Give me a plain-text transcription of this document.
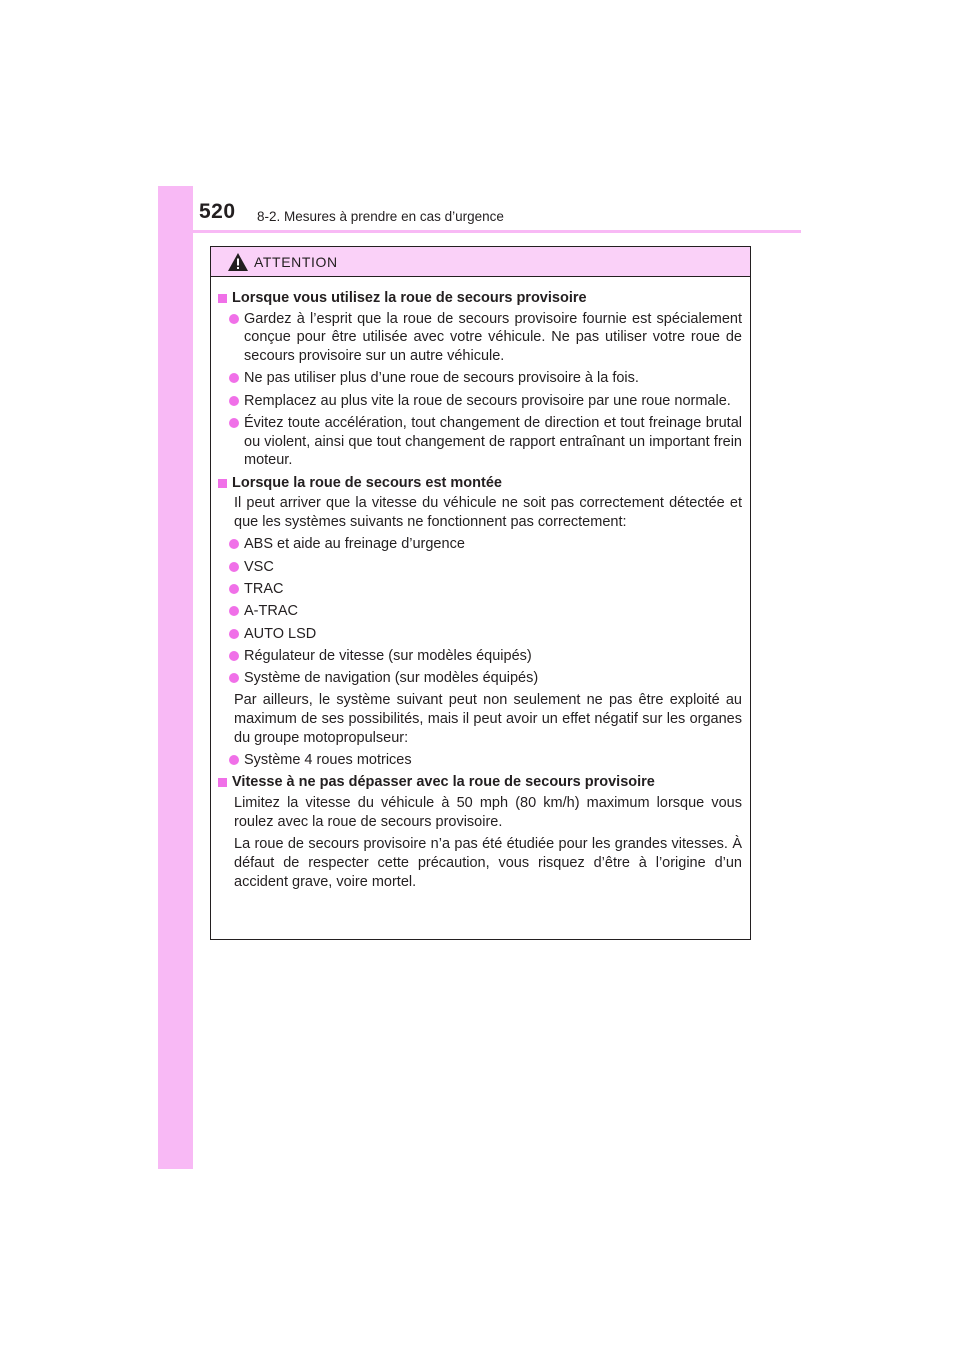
520 8-2. Mesures à prendre en cas d’urgence
ATTENTION
Lorsque vous utilisez la roue de secours provisoire
Gardez à l’esprit que la roue de secours provisoire fournie est spécialement conçue pour être utilisée avec votre véhicule. Ne pas utiliser votre roue de secours provisoire sur un autre véhicule.
Ne pas utiliser plus d’une roue de secours provisoire à la fois.
Remplacez au plus vite la roue de secours provisoire par une roue normale.
Évitez toute accélération, tout changement de direction et tout freinage brutal ou violent, ainsi que tout changement de rapport entraînant un important frein moteur.
Lorsque la roue de secours est montée
Il peut arriver que la vitesse du véhicule ne soit pas correctement détectée et que les systèmes suivants ne fonctionnent pas correctement:
ABS et aide au freinage d’urgence
VSC
TRAC
A-TRAC
AUTO LSD
Régulateur de vitesse (sur modèles équipés)
Système de navigation (sur modèles équipés)
Par ailleurs, le système suivant peut non seulement ne pas être exploité au maximum de ses possibilités, mais il peut avoir un effet négatif sur les organes du groupe motopropulseur:
Système 4 roues motrices
Vitesse à ne pas dépasser avec la roue de secours provisoire
Limitez la vitesse du véhicule à 50 mph (80 km/h) maximum lorsque vous roulez avec la roue de secours provisoire.
La roue de secours provisoire n’a pas été étudiée pour les grandes vitesses. À défaut de respecter cette précaution, vous risquez d’être à l’origine d’un accident grave, voire mortel.
